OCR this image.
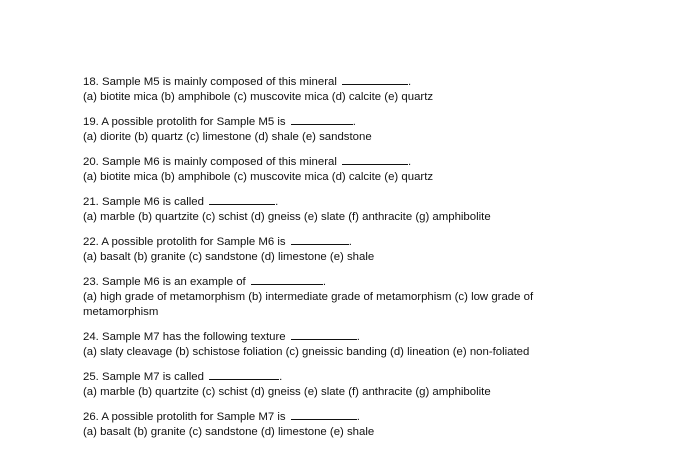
18. Sample M5 is mainly composed of this mineral	.
(a) biotite mica (b) amphibole (c) muscovite mica (d) calcite (e) quartz
19. A possible protolith for Sample M5 is	.
(a) diorite (b) quartz (c) limestone (d) shale (e) sandstone
20. Sample M6 is mainly composed of this mineral	.
(a) biotite mica (b) amphibole (c) muscovite mica (d) calcite (e) quartz
21. Sample M6 is called	.
(a) marble (b) quartzite (c) schist (d) gneiss (e) slate (f) anthracite (g) amphibolite
22. A possible protolith for Sample M6 is	.
(a) basalt (b) granite (c) sandstone (d) limestone (e) shale
23. Sample M6 is an example of	.
(a) high grade of metamorphism (b) intermediate grade of metamorphism (c) low grade of metamorphism
24. Sample M7 has the following texture	.
(a) slaty cleavage (b) schistose foliation (c) gneissic banding (d) lineation (e) non-foliated
25. Sample M7 is called	.
(a) marble (b) quartzite (c) schist (d) gneiss (e) slate (f) anthracite (g) amphibolite
26. A possible protolith for Sample M7 is	.
(a) basalt (b) granite (c) sandstone (d) limestone (e) shale
